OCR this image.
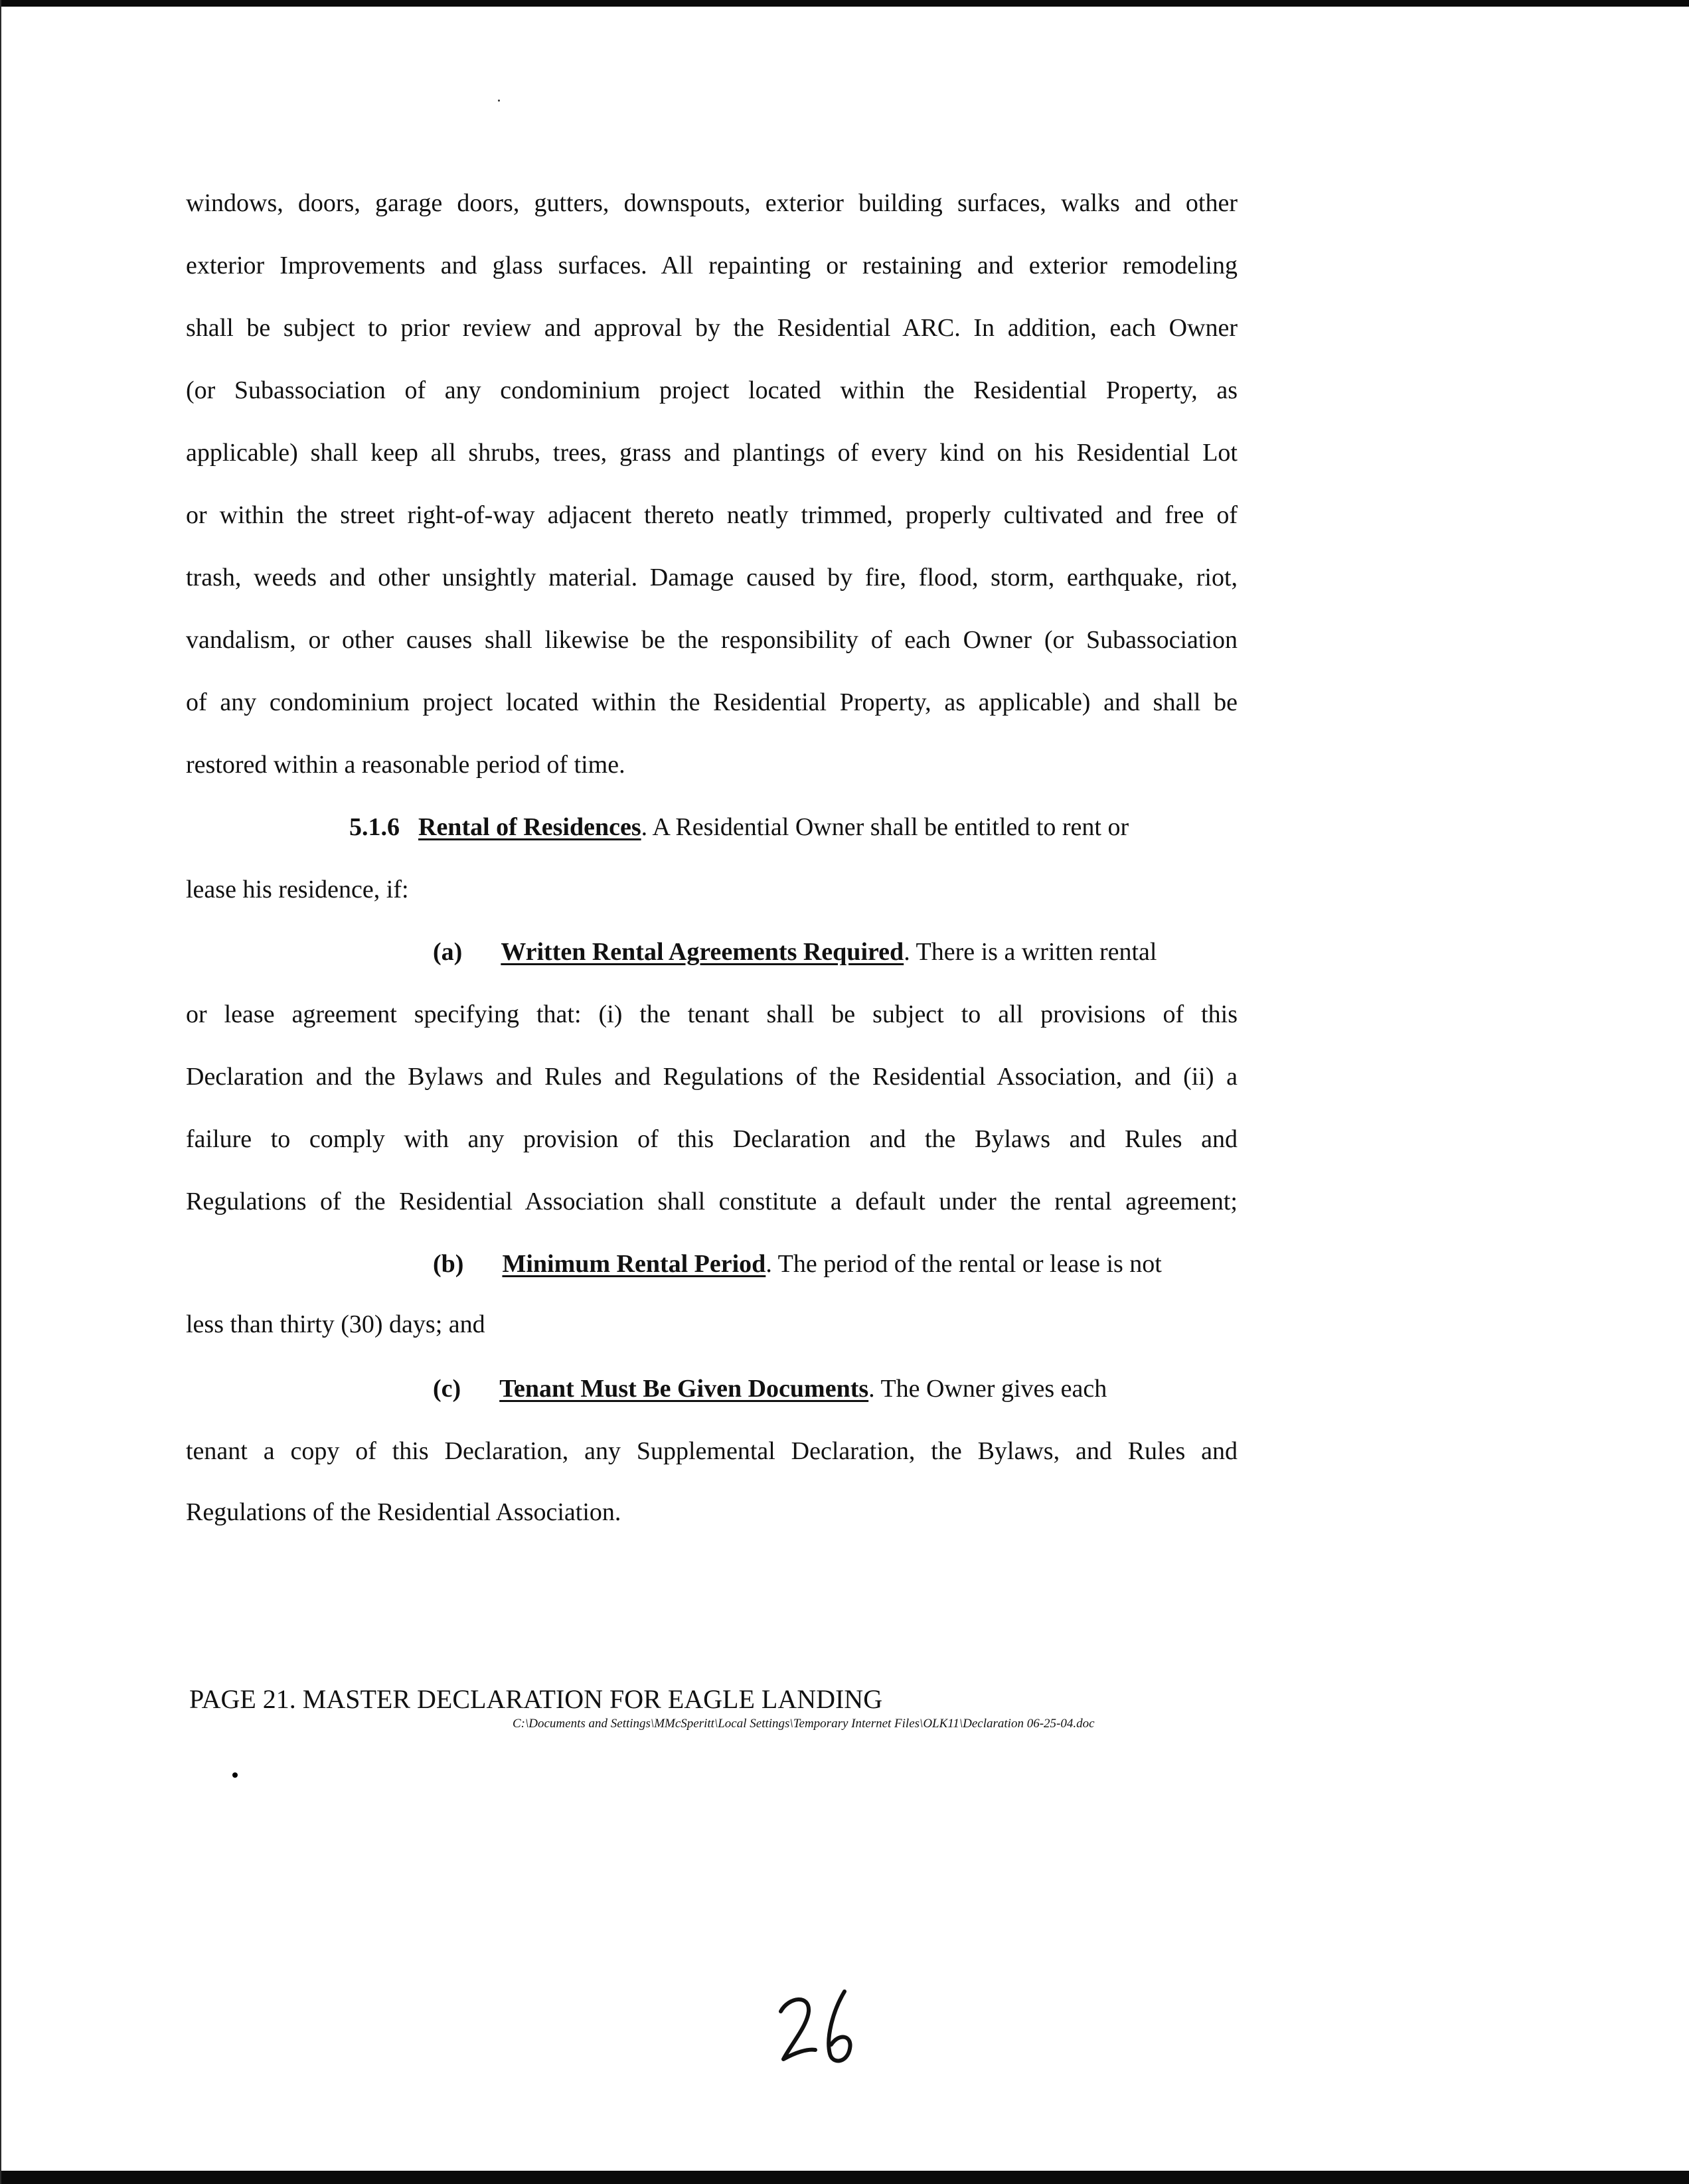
windows, doors, garage doors, gutters, downspouts, exterior building surfaces, walks and other
exterior Improvements and glass surfaces. All repainting or restaining and exterior remodeling
shall be subject to prior review and approval by the Residential ARC. In addition, each Owner
(or Subassociation of any condominium project located within the Residential Property, as
applicable) shall keep all shrubs, trees, grass and plantings of every kind on his Residential Lot
or within the street right-of-way adjacent thereto neatly trimmed, properly cultivated and free of
trash, weeds and other unsightly material. Damage caused by fire, flood, storm, earthquake, riot,
vandalism, or other causes shall likewise be the responsibility of each Owner (or Subassociation
of any condominium project located within the Residential Property, as applicable) and shall be
restored within a reasonable period of time.
5.1.6 Rental of Residences. A Residential Owner shall be entitled to rent or
lease his residence, if:
(a) Written Rental Agreements Required. There is a written rental
or lease agreement specifying that: (i) the tenant shall be subject to all provisions of this
Declaration and the Bylaws and Rules and Regulations of the Residential Association, and (ii) a
failure to comply with any provision of this Declaration and the Bylaws and Rules and
Regulations of the Residential Association shall constitute a default under the rental agreement;
(b) Minimum Rental Period. The period of the rental or lease is not
less than thirty (30) days; and
(c) Tenant Must Be Given Documents. The Owner gives each
tenant a copy of this Declaration, any Supplemental Declaration, the Bylaws, and Rules and
Regulations of the Residential Association.
PAGE 21. MASTER DECLARATION FOR EAGLE LANDING
C:\Documents and Settings\MMcSperitt\Local Settings\Temporary Internet Files\OLK11\Declaration 06-25-04.doc
